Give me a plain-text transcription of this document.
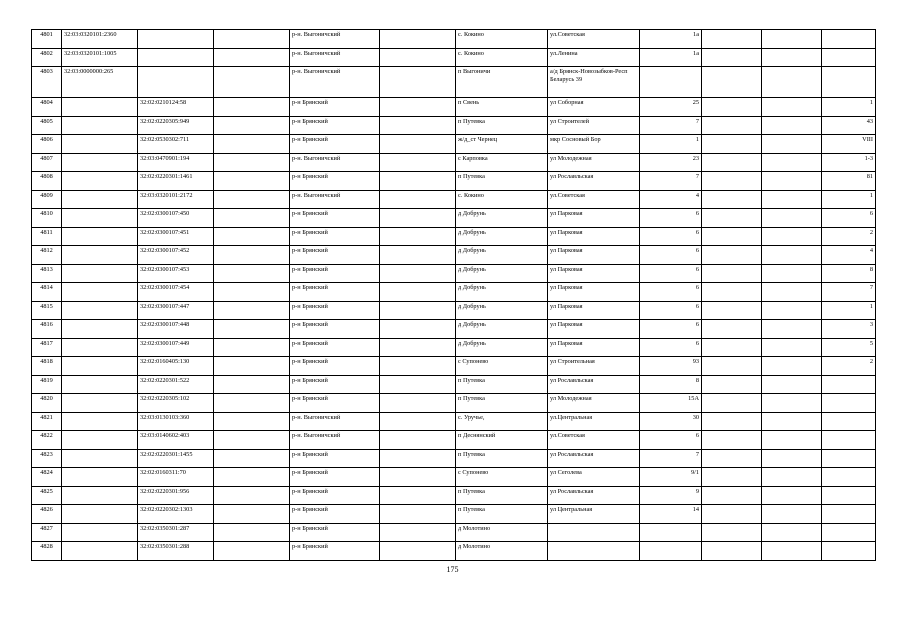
4801	32:03:0320101:2360			р-н. Выгоничский		с. Кокино	ул.Советская	1а			
4802	32:03:0320101:1005			р-н. Выгоничский		с. Кокино	ул.Ленина	1а			
4803	32:03:0000000:265			р-н. Выгоничский		п Выгоничи	а/д Брянск-Новозыбков-Респ Беларусь 39				
4804		32:02:0210124:58		р-н Брянский		п Свень	ул Соборная	25			1
4805		32:02:0220305:949		р-н Брянский		п Путевка	ул Строителей	7			43
4806		32:02:0530302:711		р-н Брянский		ж/д_ст Чернец	мкр Сосновый Бор	1			VIII
4807		32:03:0470901:194		р-н. Выгоничский		с Карповка	ул Молодежная	23			1-3
4808		32:02:0220301:1461		р-н Брянский		п Путевка	ул Рославльская	7			81
4809		32:03:0320101:2172		р-н. Выгоничский		с. Кокино	ул.Советская	4			1
4810		32:02:0300107:450		р-н Брянский		д Добрунь	ул Парковая	6			6
4811		32:02:0300107:451		р-н Брянский		д Добрунь	ул Парковая	6			2
4812		32:02:0300107:452		р-н Брянский		д Добрунь	ул Парковая	6			4
4813		32:02:0300107:453		р-н Брянский		д Добрунь	ул Парковая	6			8
4814		32:02:0300107:454		р-н Брянский		д Добрунь	ул Парковая	6			7
4815		32:02:0300107:447		р-н Брянский		д Добрунь	ул Парковая	6			1
4816		32:02:0300107:448		р-н Брянский		д Добрунь	ул Парковая	6			3
4817		32:02:0300107:449		р-н Брянский		д Добрунь	ул Парковая	6			5
4818		32:02:0160405:130		р-н Брянский		с Супонево	ул Строительная	93			2
4819		32:02:0220301:522		р-н Брянский		п Путевка	ул Рославльская	8			
4820		32:02:0220305:102		р-н Брянский		п Путевка	ул Молодежная	15А			
4821		32:03:0130103:360		р-н. Выгоничский		с. Уручье,	ул.Центральная	30			
4822		32:03:0140602:403		р-н. Выгоничский		п Деснянский	ул.Советская	6			
4823		32:02:0220301:1455		р-н Брянский		п Путевка	ул Рославльская	7			
4824		32:02:0160311:70		р-н Брянский		с Супонево	ул Сеголева	9/1			
4825		32:02:0220301:956		р-н Брянский		п Путевка	ул Рославльская	9			
4826		32:02:0220302:1303		р-н Брянский		п Путевка	ул Центральная	14			
4827		32:02:0350301:287		р-н Брянский		д Молотино					
4828		32:02:0350301:288		р-н Брянский		д Молотино					
175
